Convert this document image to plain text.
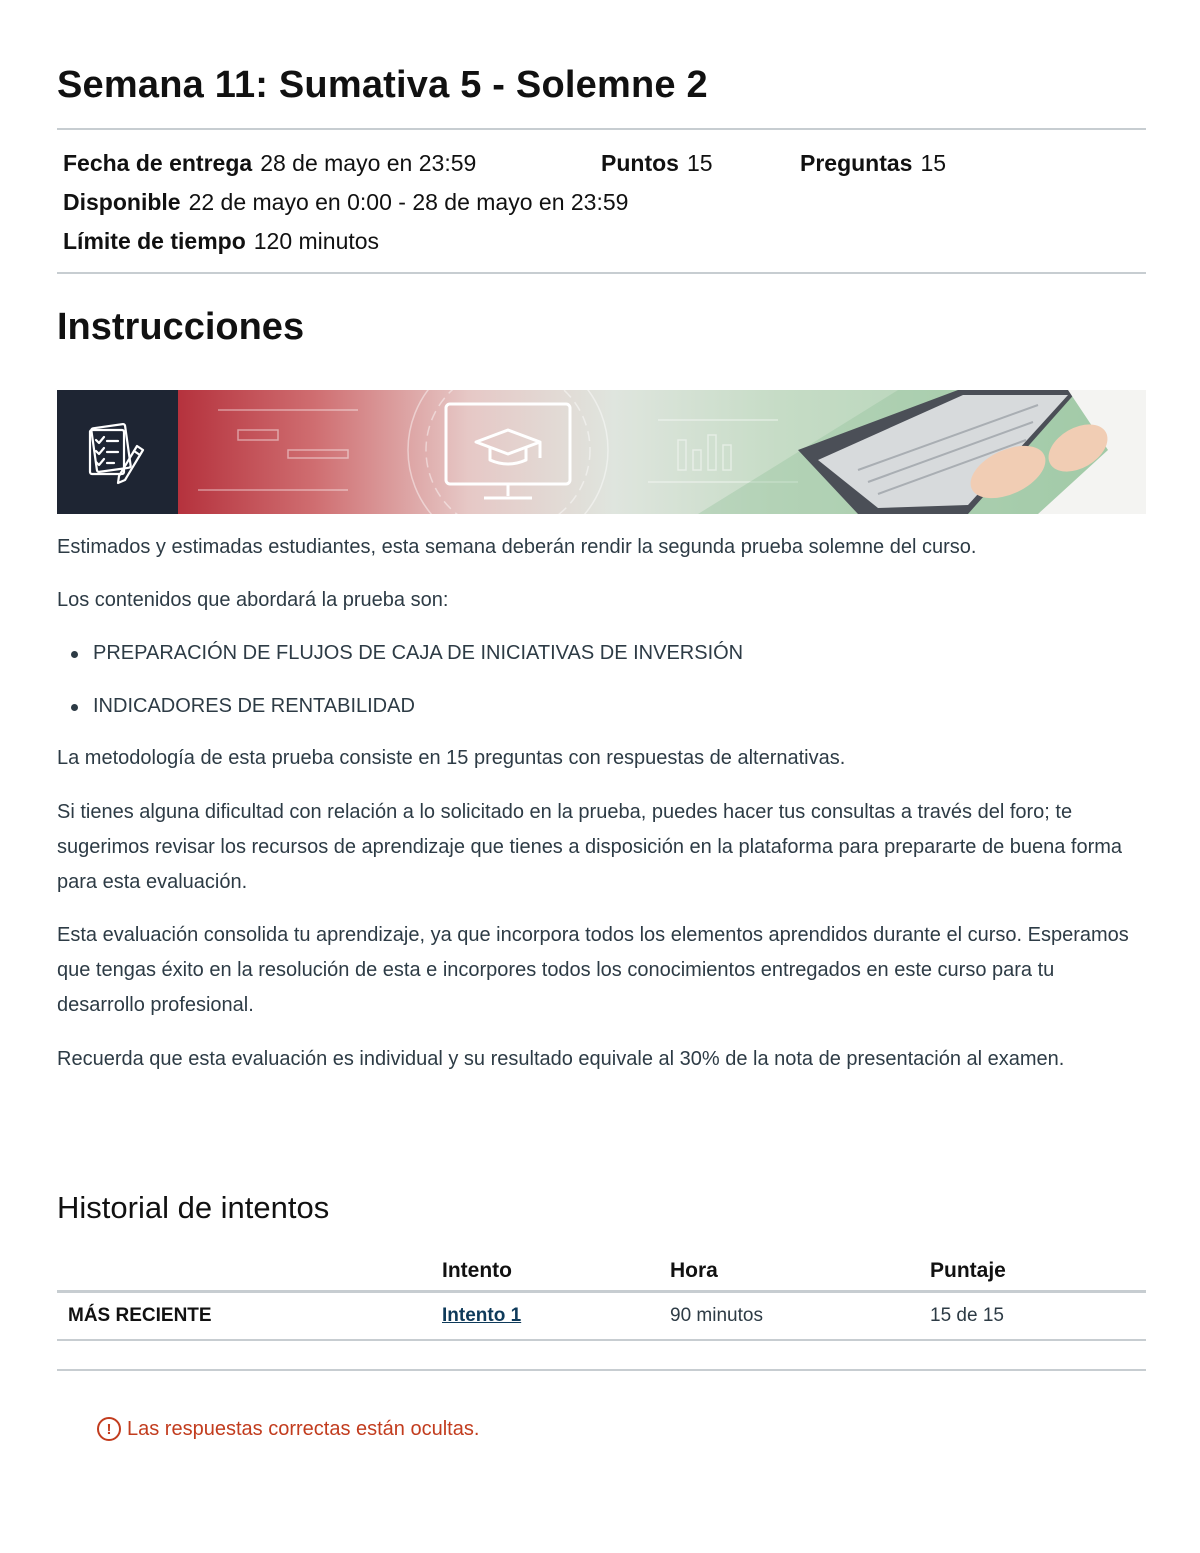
Semana 11: Sumativa 5 - Solemne 2
Fecha de entrega 28 de mayo en 23:59	Puntos 15	Preguntas 15
Disponible 22 de mayo en 0:00 - 28 de mayo en 23:59
Límite de tiempo 120 minutos
Instrucciones

Estimados y estimadas estudiantes, esta semana deberán rendir la segunda prueba solemne del curso.

Los contenidos que abordará la prueba son:

PREPARACIÓN DE FLUJOS DE CAJA DE INICIATIVAS DE INVERSIÓN
INDICADORES DE RENTABILIDAD

La metodología de esta prueba consiste en 15 preguntas con respuestas de alternativas.

Si tienes alguna dificultad con relación a lo solicitado en la prueba, puedes hacer tus consultas a través del foro; te sugerimos revisar los recursos de aprendizaje que tienes a disposición en la plataforma para prepararte de buena forma para esta evaluación.

Esta evaluación consolida tu aprendizaje, ya que incorpora todos los elementos aprendidos durante el curso. Esperamos que tengas éxito en la resolución de esta e incorpores todos los conocimientos entregados en este curso para tu desarrollo profesional.

Recuerda que esta evaluación es individual y su resultado equivale al 30% de la nota de presentación al examen.

Historial de intentos
	Intento	Hora	Puntaje
MÁS RECIENTE	Intento 1	90 minutos	15 de 15
! Las respuestas correctas están ocultas.
